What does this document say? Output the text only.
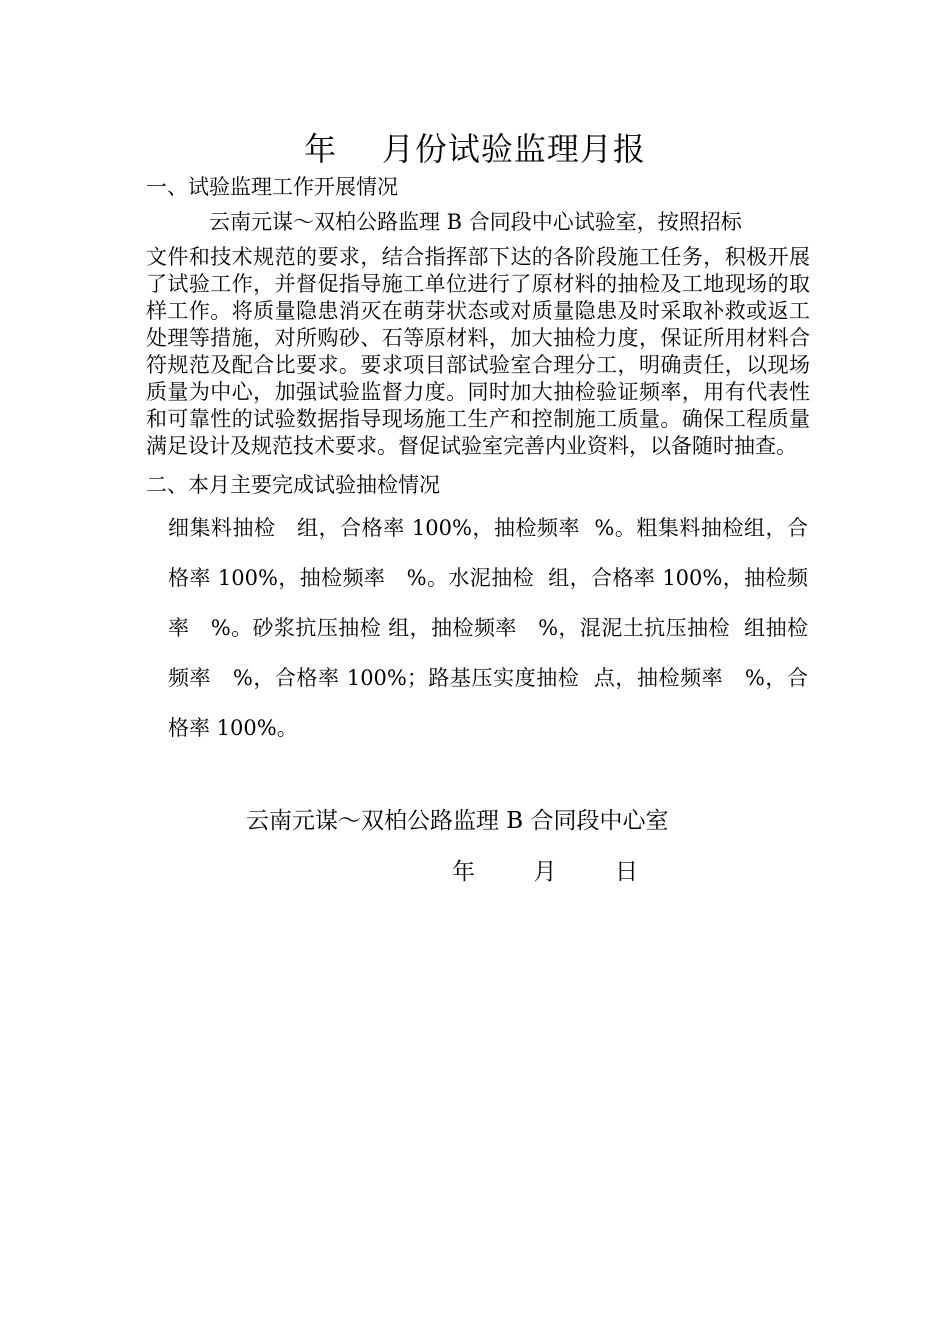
年    月份试验监理月报
一、试验监理工作开展情况
云南元谋～双柏公路监理 B 合同段中心试验室，按照招标
文件和技术规范的要求，结合指挥部下达的各阶段施工任务，积极开展了试验工作，并督促指导施工单位进行了原材料的抽检及工地现场的取样工作。将质量隐患消灭在萌芽状态或对质量隐患及时采取补救或返工处理等措施，对所购砂、石等原材料，加大抽检力度，保证所用材料合符规范及配合比要求。要求项目部试验室合理分工，明确责任，以现场质量为中心，加强试验监督力度。同时加大抽检验证频率，用有代表性和可靠性的试验数据指导现场施工生产和控制施工质量。确保工程质量满足设计及规范技术要求。督促试验室完善内业资料，以备随时抽查。
二、本月主要完成试验抽检情况
细集料抽检   组，合格率 100%，抽检频率  %。粗集料抽检组，合格率 100%，抽检频率   %。水泥抽检  组，合格率 100%，抽检频率   %。砂浆抗压抽检 组，抽检频率   %，混泥土抗压抽检  组抽检频率   %，合格率 100%；路基压实度抽检  点，抽检频率   %，合格率 100%。
云南元谋～双柏公路监理 B 合同段中心室
年        月        日
